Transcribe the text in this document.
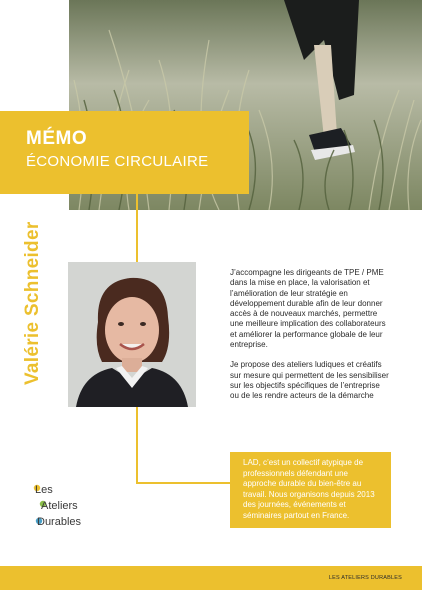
MÉMO
ÉCONOMIE CIRCULAIRE
Valérie Schneider	J’accompagne les dirigeants de TPE / PME dans la mise en place, la valorisation et l’amélioration de leur stratégie en développement durable afin de leur donner accès à de nouveaux marchés, permettre une meilleure implication des collaborateurs et améliorer la performance globale de leur entreprise.

Je propose des ateliers ludiques et créatifs sur mesure qui permettent de les sensibiliser sur les objectifs spécifiques de l’entreprise ou de les rendre acteurs de la démarche

LAD, c’est un collectif atypique de professionnels défendant une approche durable du bien-être au travail. Nous organisons depuis 2013 des journées, événements et séminaires partout en France.
Les
Ateliers
Durables
LES ATELIERS DURABLES
